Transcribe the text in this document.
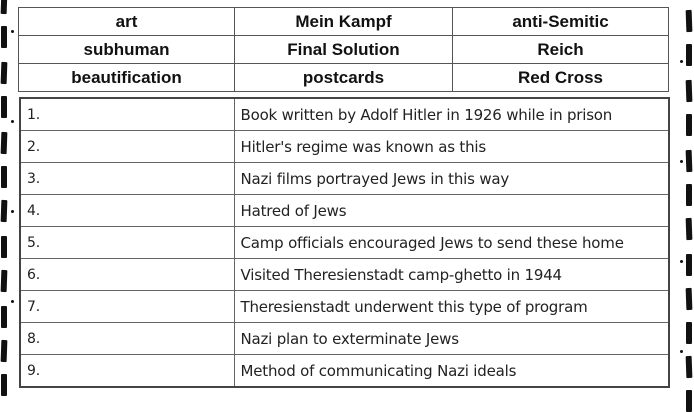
art	Mein Kampf	anti-Semitic
subhuman	Final Solution	Reich
beautification	postcards	Red Cross
1.	Book written by Adolf Hitler in 1926 while in prison
2.	Hitler's regime was known as this
3.	Nazi films portrayed Jews in this way
4.	Hatred of Jews
5.	Camp officials encouraged Jews to send these home
6.	Visited Theresienstadt camp-ghetto in 1944
7.	Theresienstadt underwent this type of program
8.	Nazi plan to exterminate Jews
9.	Method of communicating Nazi ideals
